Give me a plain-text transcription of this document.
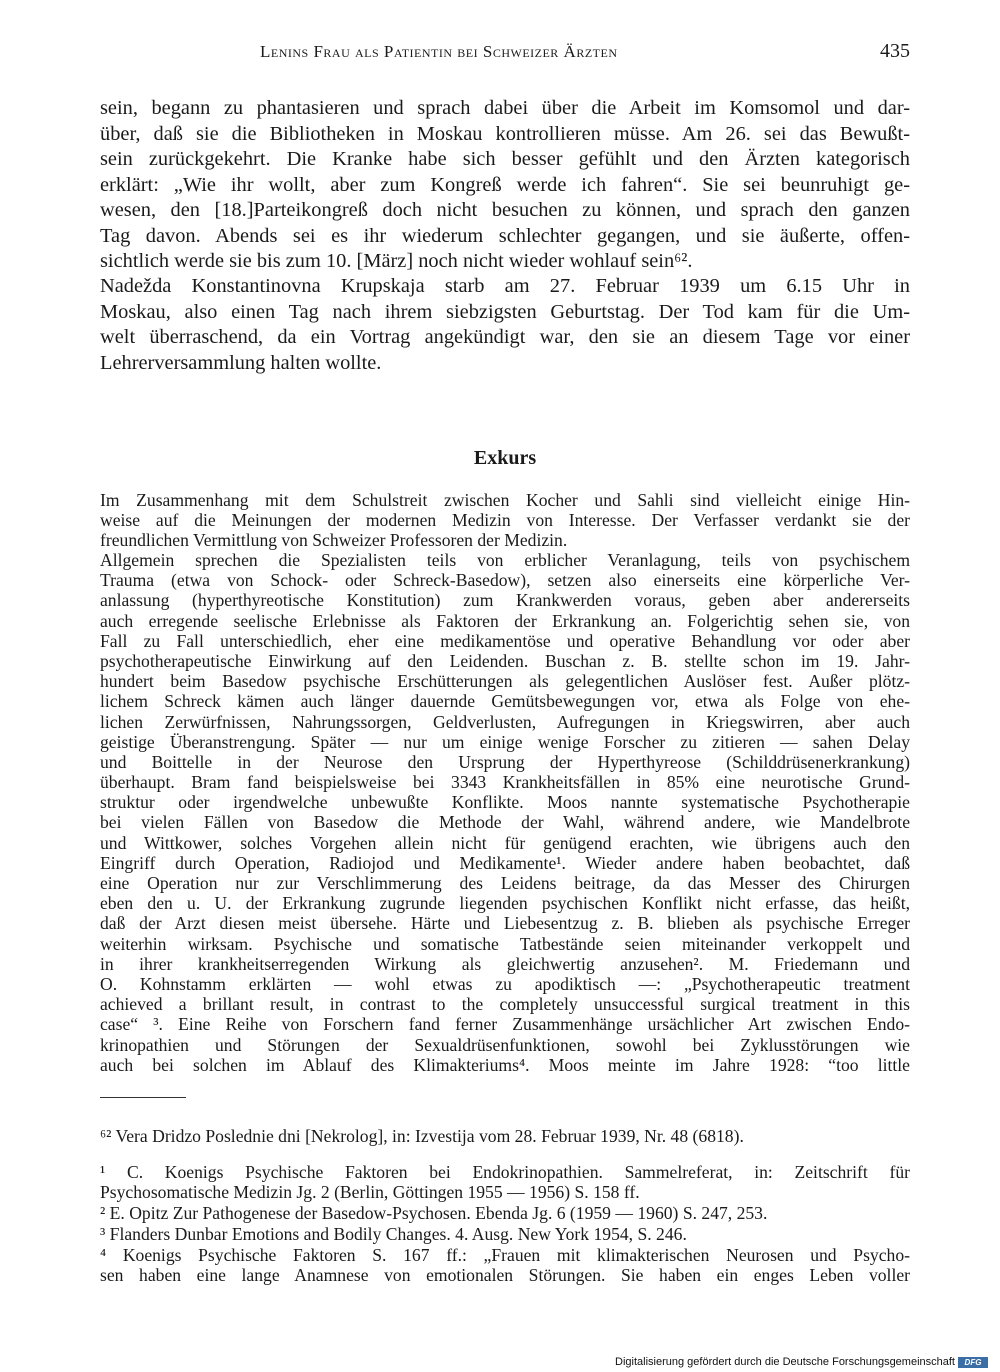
Lenins Frau als Patientin bei Schweizer Ärzten	435
sein, begann zu phantasieren und sprach dabei über die Arbeit im Komsomol und dar-
über, daß sie die Bibliotheken in Moskau kontrollieren müsse. Am 26. sei das Bewußt-
sein zurückgekehrt. Die Kranke habe sich besser gefühlt und den Ärzten kategorisch
erklärt: „Wie ihr wollt, aber zum Kongreß werde ich fahren“. Sie sei beunruhigt ge-
wesen, den [18.]Parteikongreß doch nicht besuchen zu können, und sprach den ganzen
Tag davon. Abends sei es ihr wiederum schlechter gegangen, und sie äußerte, offen-
sichtlich werde sie bis zum 10. [März] noch nicht wieder wohlauf sein⁶².
Nadežda Konstantinovna Krupskaja starb am 27. Februar 1939 um 6.15 Uhr in
Moskau, also einen Tag nach ihrem siebzigsten Geburtstag. Der Tod kam für die Um-
welt überraschend, da ein Vortrag angekündigt war, den sie an diesem Tage vor einer
Lehrerversammlung halten wollte.
Exkurs
Im Zusammenhang mit dem Schulstreit zwischen Kocher und Sahli sind vielleicht einige Hin-
weise auf die Meinungen der modernen Medizin von Interesse. Der Verfasser verdankt sie der
freundlichen Vermittlung von Schweizer Professoren der Medizin.
Allgemein sprechen die Spezialisten teils von erblicher Veranlagung, teils von psychischem
Trauma (etwa von Schock- oder Schreck-Basedow), setzen also einerseits eine körperliche Ver-
anlassung (hyperthyreotische Konstitution) zum Krankwerden voraus, geben aber andererseits
auch erregende seelische Erlebnisse als Faktoren der Erkrankung an. Folgerichtig sehen sie, von
Fall zu Fall unterschiedlich, eher eine medikamentöse und operative Behandlung vor oder aber
psychotherapeutische Einwirkung auf den Leidenden. Buschan z. B. stellte schon im 19. Jahr-
hundert beim Basedow psychische Erschütterungen als gelegentlichen Auslöser fest. Außer plötz-
lichem Schreck kämen auch länger dauernde Gemütsbewegungen vor, etwa als Folge von ehe-
lichen Zerwürfnissen, Nahrungssorgen, Geldverlusten, Aufregungen in Kriegswirren, aber auch
geistige Überanstrengung. Später — nur um einige wenige Forscher zu zitieren — sahen Delay
und Boittelle in der Neurose den Ursprung der Hyperthyreose (Schilddrüsenerkrankung)
überhaupt. Bram fand beispielsweise bei 3343 Krankheitsfällen in 85% eine neurotische Grund-
struktur oder irgendwelche unbewußte Konflikte. Moos nannte systematische Psychotherapie
bei vielen Fällen von Basedow die Methode der Wahl, während andere, wie Mandelbrote
und Wittkower, solches Vorgehen allein nicht für genügend erachten, wie übrigens auch den
Eingriff durch Operation, Radiojod und Medikamente¹. Wieder andere haben beobachtet, daß
eine Operation nur zur Verschlimmerung des Leidens beitrage, da das Messer des Chirurgen
eben den u. U. der Erkrankung zugrunde liegenden psychischen Konflikt nicht erfasse, das heißt,
daß der Arzt diesen meist übersehe. Härte und Liebesentzug z. B. blieben als psychische Erreger
weiterhin wirksam. Psychische und somatische Tatbestände seien miteinander verkoppelt und
in ihrer krankheitserregenden Wirkung als gleichwertig anzusehen². M. Friedemann und
O. Kohnstamm erklärten — wohl etwas zu apodiktisch —: „Psychotherapeutic treatment
achieved a brillant result, in contrast to the completely unsuccessful surgical treatment in this
case“ ³. Eine Reihe von Forschern fand ferner Zusammenhänge ursächlicher Art zwischen Endo-
krinopathien und Störungen der Sexualdrüsenfunktionen, sowohl bei Zyklusstörungen wie
auch bei solchen im Ablauf des Klimakteriums⁴. Moos meinte im Jahre 1928: “too little
⁶² Vera Dridzo Poslednie dni [Nekrolog], in: Izvestija vom 28. Februar 1939, Nr. 48 (6818).
¹ C. Koenigs Psychische Faktoren bei Endokrinopathien. Sammelreferat, in: Zeitschrift für
Psychosomatische Medizin Jg. 2 (Berlin, Göttingen 1955 — 1956) S. 158 ff.
² E. Opitz Zur Pathogenese der Basedow-Psychosen. Ebenda Jg. 6 (1959 — 1960) S. 247, 253.
³ Flanders Dunbar Emotions and Bodily Changes. 4. Ausg. New York 1954, S. 246.
⁴ Koenigs Psychische Faktoren S. 167 ff.: „Frauen mit klimakterischen Neurosen und Psycho-
sen haben eine lange Anamnese von emotionalen Störungen. Sie haben ein enges Leben voller
Digitalisierung gefördert durch die Deutsche Forschungsgemeinschaft	DFG
